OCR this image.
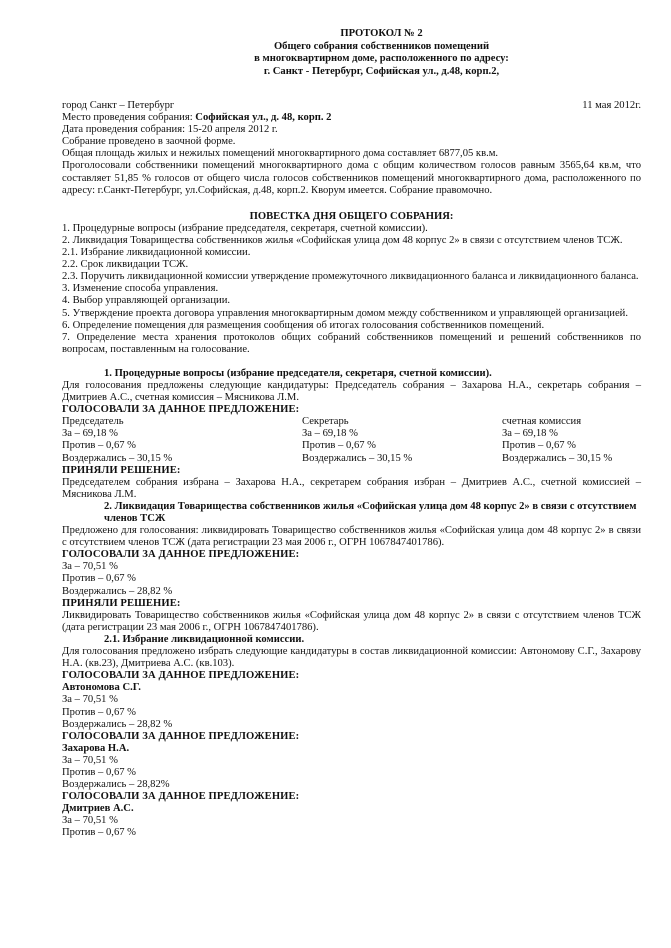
ПРОТОКОЛ № 2
Общего собрания собственников помещений
в многоквартирном доме, расположенного по адресу:
г. Санкт - Петербург, Софийская ул., д.48, корп.2,
город Санкт – Петербург	11 мая 2012г.
Место проведения собрания: Софийская ул., д. 48, корп. 2
Дата проведения собрания: 15-20 апреля 2012 г.
Собрание проведено в заочной форме.
Общая площадь жилых и нежилых помещений многоквартирного дома составляет 6877,05 кв.м.
Проголосовали собственники помещений многоквартирного дома с общим количеством голосов равным 3565,64 кв.м, что составляет 51,85 % голосов от общего числа голосов собственников помещений многоквартирного дома, расположенного по адресу: г.Санкт-Петербург, ул.Софийская, д.48, корп.2. Кворум имеется. Собрание правомочно.
ПОВЕСТКА ДНЯ ОБЩЕГО СОБРАНИЯ:
1. Процедурные вопросы (избрание председателя, секретаря, счетной комиссии).
2. Ликвидация Товарищества собственников жилья «Софийская улица дом 48 корпус 2» в связи с отсутствием членов ТСЖ.
2.1. Избрание ликвидационной комиссии.
2.2. Срок ликвидации ТСЖ.
2.3. Поручить ликвидационной комиссии утверждение промежуточного ликвидационного баланса и ликвидационного баланса.
3. Изменение способа управления.
4. Выбор управляющей организации.
5. Утверждение проекта договора управления многоквартирным домом между собственником и управляющей организацией.
6. Определение помещения для размещения сообщения об итогах голосования собственников помещений.
7. Определение места хранения протоколов общих собраний собственников помещений и решений собственников по вопросам, поставленным на голосование.
1. Процедурные вопросы (избрание председателя, секретаря, счетной комиссии).
Для голосования предложены следующие кандидатуры: Председатель собрания – Захарова Н.А., секретарь собрания – Дмитриев А.С., счетная комиссия – Мясникова Л.М.
ГОЛОСОВАЛИ ЗА ДАННОЕ ПРЕДЛОЖЕНИЕ:
Председатель
За – 69,18 %
Против – 0,67 %
Воздержались – 30,15 %
Секретарь
За – 69,18 %
Против – 0,67 %
Воздержались – 30,15 %
счетная комиссия
За – 69,18 %
Против – 0,67 %
Воздержались – 30,15 %
ПРИНЯЛИ РЕШЕНИЕ:
Председателем собрания избрана – Захарова Н.А., секретарем собрания избран – Дмитриев А.С., счетной комиссией – Мясникова Л.М.
2. Ликвидация Товарищества собственников жилья «Софийская улица дом 48 корпус 2» в связи с отсутствием членов ТСЖ
Предложено для голосования: ликвидировать Товарищество собственников жилья «Софийская улица дом 48 корпус 2» в связи с отсутствием членов ТСЖ (дата регистрации 23 мая 2006 г., ОГРН 1067847401786).
ГОЛОСОВАЛИ ЗА ДАННОЕ ПРЕДЛОЖЕНИЕ:
За – 70,51 %
Против – 0,67 %
Воздержались – 28,82 %
ПРИНЯЛИ РЕШЕНИЕ:
Ликвидировать Товарищество собственников жилья «Софийская улица дом 48 корпус 2» в связи с отсутствием членов ТСЖ (дата регистрации 23 мая 2006 г., ОГРН 1067847401786).
2.1. Избрание ликвидационной комиссии.
Для голосования предложено избрать следующие кандидатуры в состав ликвидационной комиссии: Автономову С.Г., Захарову Н.А. (кв.23), Дмитриева А.С. (кв.103).
ГОЛОСОВАЛИ ЗА ДАННОЕ ПРЕДЛОЖЕНИЕ:
Автономова С.Г.
За – 70,51 %
Против – 0,67 %
Воздержались – 28,82 %
ГОЛОСОВАЛИ ЗА ДАННОЕ ПРЕДЛОЖЕНИЕ:
Захарова Н.А.
За – 70,51 %
Против – 0,67 %
Воздержались – 28,82%
ГОЛОСОВАЛИ ЗА ДАННОЕ ПРЕДЛОЖЕНИЕ:
Дмитриев А.С.
За – 70,51 %
Против – 0,67 %
